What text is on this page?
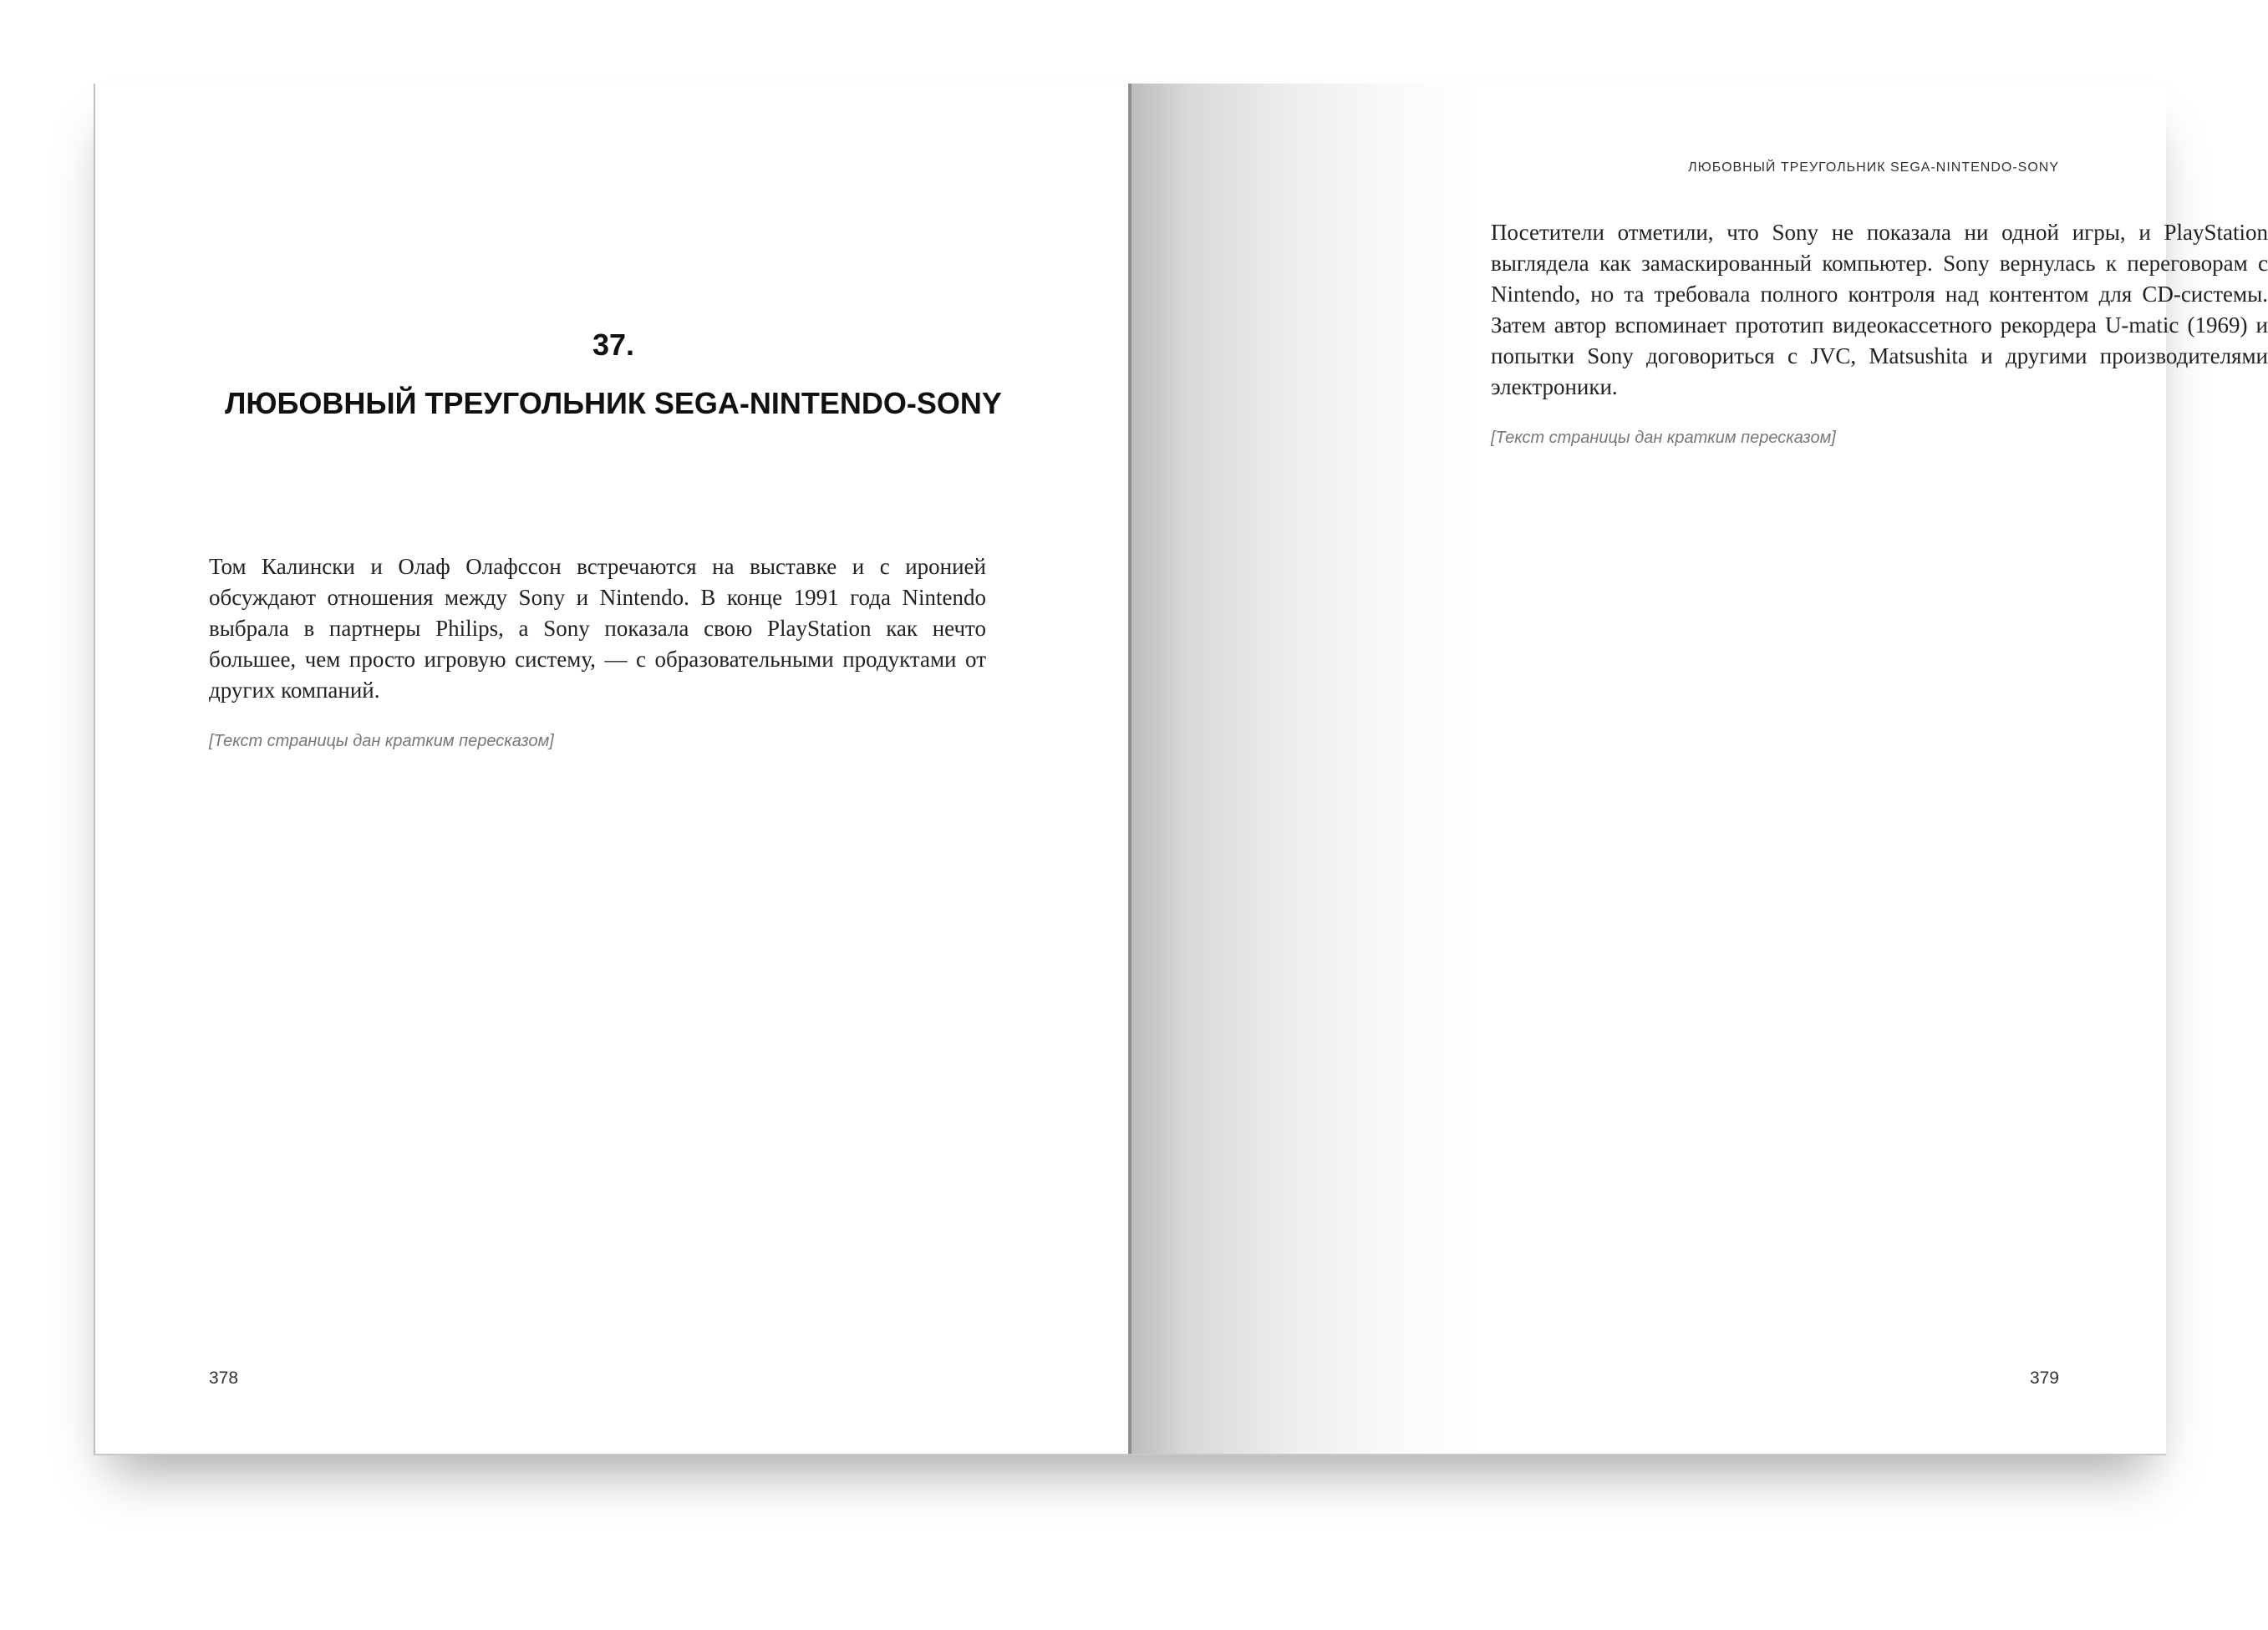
37.
ЛЮБОВНЫЙ ТРЕУГОЛЬНИК SEGA-NINTENDO-SONY
Том Калински и Олаф Олафссон встречаются на выставке и с иронией обсуждают отношения между Sony и Nintendo. В конце 1991 года Nintendo выбрала в партнеры Philips, а Sony показала свою PlayStation как нечто большее, чем просто игровую систему, — с образовательными продуктами от других компаний.
[Текст страницы дан кратким пересказом]
378
ЛЮБОВНЫЙ ТРЕУГОЛЬНИК SEGA-NINTENDO-SONY
Посетители отметили, что Sony не показала ни одной игры, и PlayStation выглядела как замаскированный компьютер. Sony вернулась к переговорам с Nintendo, но та требовала полного контроля над контентом для CD-системы. Затем автор вспоминает прототип видеокассетного рекордера U-matic (1969) и попытки Sony договориться с JVC, Matsushita и другими производителями электроники.
[Текст страницы дан кратким пересказом]
379
